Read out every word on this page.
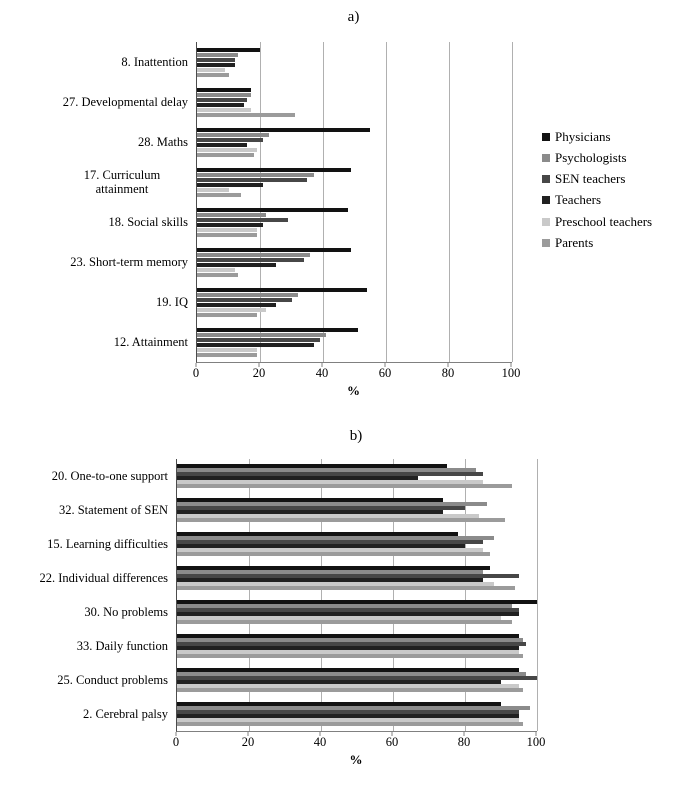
a)
8. Inattention
27. Developmental delay
28. Maths
17. Curriculum attainment
18. Social skills
23. Short-term memory
19. IQ
12. Attainment
0	20	40	60	80	100
Physicians
Psychologists
SEN teachers
Teachers
Preschool teachers
Parents
%
b)
20. One-to-one support
32. Statement of SEN
15. Learning difficulties
22. Individual differences
30. No problems
33. Daily function
25. Conduct problems
2. Cerebral palsy
0	20	40	60	80	100
%
